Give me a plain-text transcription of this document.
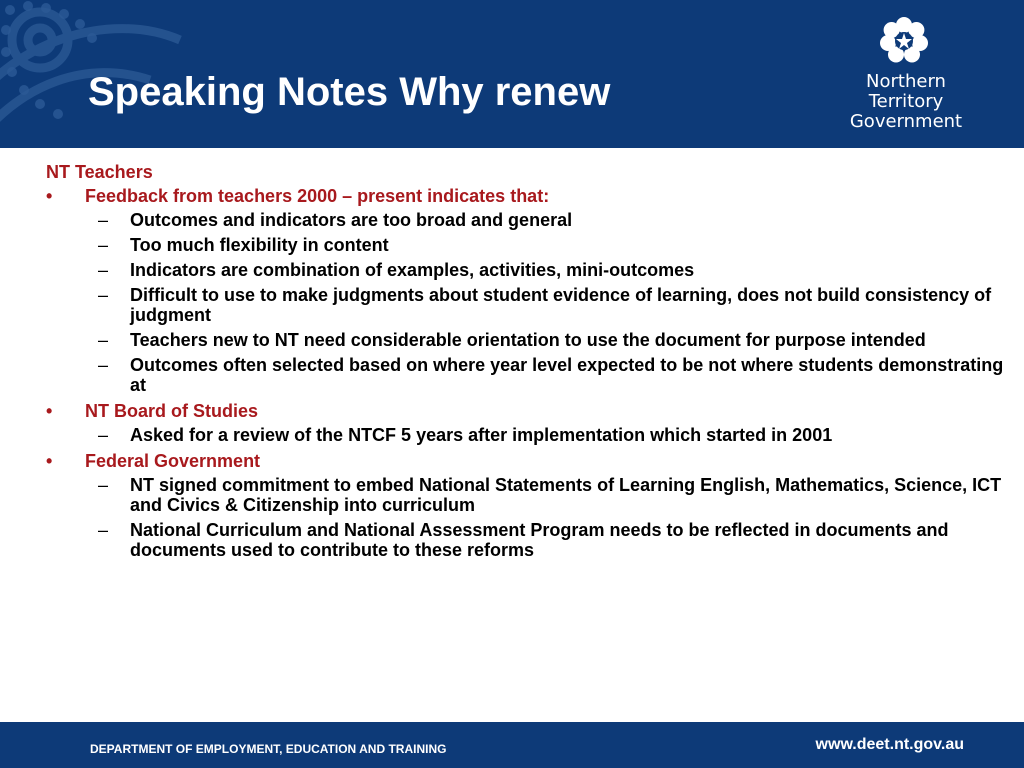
Speaking Notes Why renew	Northern
Territory
Government
NT Teachers
• Feedback from teachers 2000 – present indicates that:
– Outcomes and indicators are too broad and general
– Too much flexibility in content
– Indicators are combination of examples, activities, mini-outcomes
– Difficult to use to make judgments about student evidence of learning, does not build consistency of judgment
– Teachers new to NT need considerable orientation to use the document for purpose intended
– Outcomes often selected based on where year level expected to be not where students demonstrating at
• NT Board of Studies
– Asked for a review of the NTCF 5 years after implementation which started in 2001
• Federal Government
– NT signed commitment to embed National Statements of Learning English, Mathematics, Science, ICT and Civics & Citizenship into curriculum
– National Curriculum and National Assessment Program needs to be reflected in documents and documents used to contribute to these reforms
DEPARTMENT OF EMPLOYMENT, EDUCATION AND TRAINING	www.deet.nt.gov.au
